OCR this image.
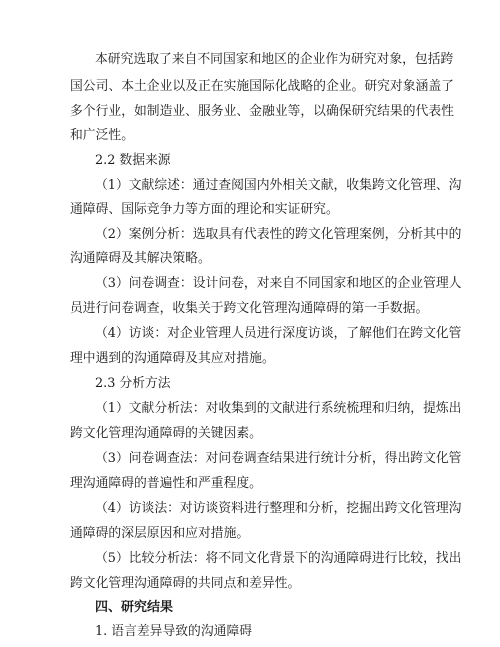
本研究选取了来自不同国家和地区的企业作为研究对象，包括跨
国公司、本土企业以及正在实施国际化战略的企业。研究对象涵盖了
多个行业，如制造业、服务业、金融业等，以确保研究结果的代表性
和广泛性。
2.2 数据来源
（1）文献综述：通过查阅国内外相关文献，收集跨文化管理、沟
通障碍、国际竞争力等方面的理论和实证研究。
（2）案例分析：选取具有代表性的跨文化管理案例，分析其中的
沟通障碍及其解决策略。
（3）问卷调查：设计问卷，对来自不同国家和地区的企业管理人
员进行问卷调查，收集关于跨文化管理沟通障碍的第一手数据。
（4）访谈：对企业管理人员进行深度访谈，了解他们在跨文化管
理中遇到的沟通障碍及其应对措施。
2.3 分析方法
（1）文献分析法：对收集到的文献进行系统梳理和归纳，提炼出
跨文化管理沟通障碍的关键因素。
（3）问卷调查法：对问卷调查结果进行统计分析，得出跨文化管
理沟通障碍的普遍性和严重程度。
（4）访谈法：对访谈资料进行整理和分析，挖掘出跨文化管理沟
通障碍的深层原因和应对措施。
（5）比较分析法：将不同文化背景下的沟通障碍进行比较，找出
跨文化管理沟通障碍的共同点和差异性。
四、研究结果
1. 语言差异导致的沟通障碍
